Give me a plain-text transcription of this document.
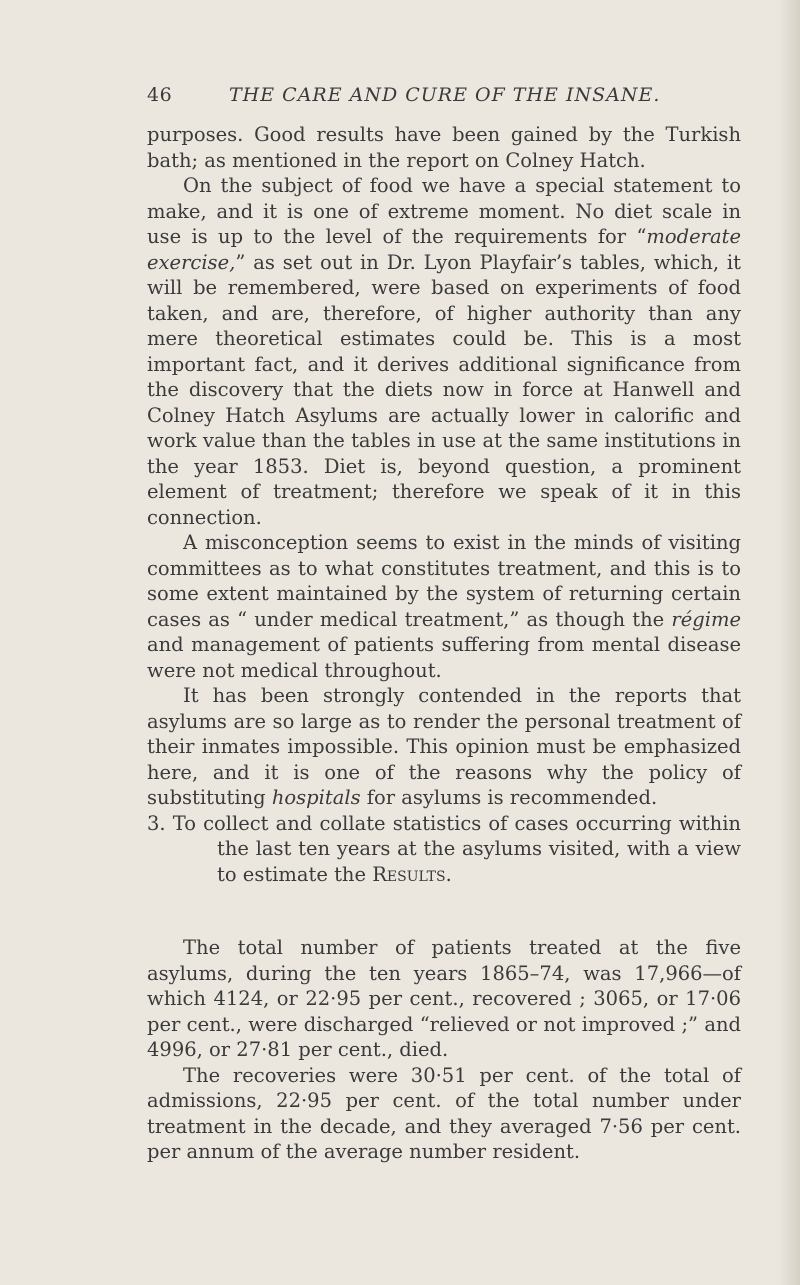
46	THE CARE AND CURE OF THE INSANE.

purposes. Good results have been gained by the Turkish bath; as mentioned in the report on Colney Hatch.

On the subject of food we have a special statement to make, and it is one of extreme moment. No diet scale in use is up to the level of the requirements for “moderate exercise,” as set out in Dr. Lyon Playfair’s tables, which, it will be remembered, were based on experiments of food taken, and are, therefore, of higher authority than any mere theoretical estimates could be. This is a most important fact, and it derives additional significance from the discovery that the diets now in force at Hanwell and Colney Hatch Asylums are actually lower in calorific and work value than the tables in use at the same institutions in the year 1853. Diet is, beyond question, a prominent element of treatment; therefore we speak of it in this connection.

A misconception seems to exist in the minds of visiting committees as to what constitutes treatment, and this is to some extent maintained by the system of returning certain cases as “ under medical treatment,” as though the régime and management of patients suffering from mental disease were not medical throughout.

It has been strongly contended in the reports that asylums are so large as to render the personal treatment of their inmates impossible. This opinion must be emphasized here, and it is one of the reasons why the policy of substituting hospitals for asylums is recommended.

3. To collect and collate statistics of cases occurring within the last ten years at the asylums visited, with a view to estimate the Results.

The total number of patients treated at the five asylums, during the ten years 1865–74, was 17,966—of which 4124, or 22·95 per cent., recovered ; 3065, or 17·06 per cent., were discharged “relieved or not improved ;” and 4996, or 27·81 per cent., died.

The recoveries were 30·51 per cent. of the total of admissions, 22·95 per cent. of the total number under treatment in the decade, and they averaged 7·56 per cent. per annum of the average number resident.
